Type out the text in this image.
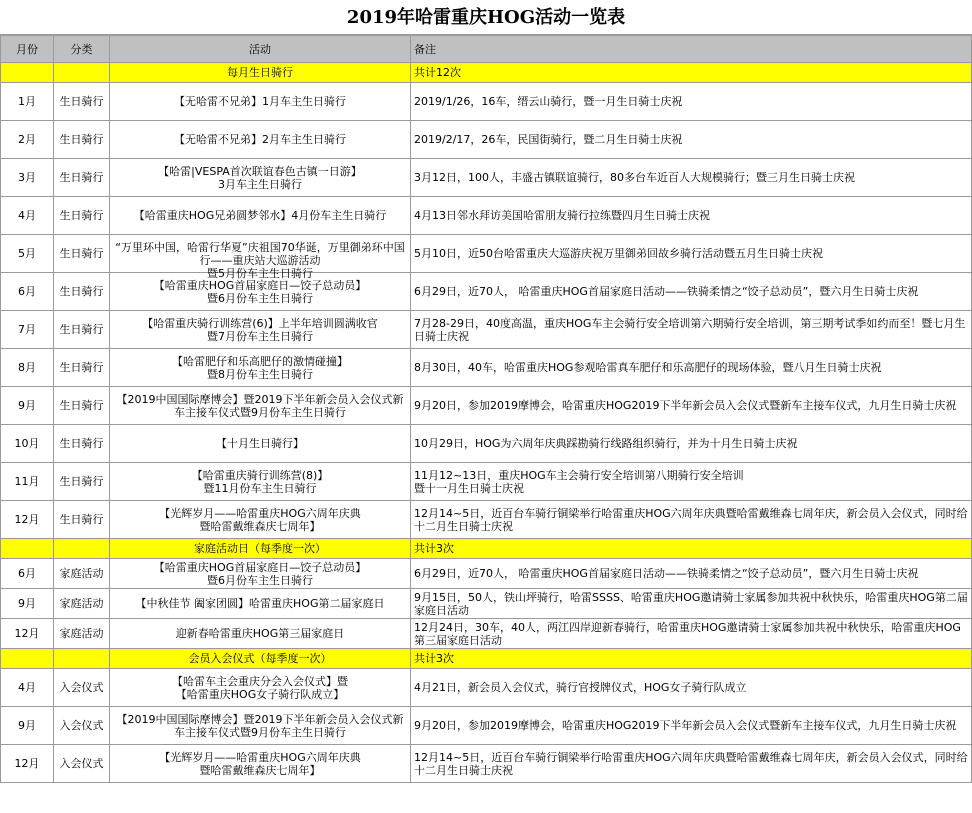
2019年哈雷重庆HOG活动一览表
月份	分类	活动	备注
		每月生日骑行	共计12次

1月	生日骑行	【无哈雷不兄弟】1月车主生日骑行	2019/1/26，16车，缙云山骑行，暨一月生日骑士庆祝

2月	生日骑行	【无哈雷不兄弟】2月车主生日骑行	2019/2/17，26车，民国街骑行，暨二月生日骑士庆祝

3月	生日骑行	【哈雷|VESPA首次联谊春色古镇一日游】
3月车主生日骑行	3月12日，100人，丰盛古镇联谊骑行，80多台车近百人大规模骑行；暨三月生日骑士庆祝

4月	生日骑行	【哈雷重庆HOG兄弟圆梦邻水】4月份车主生日骑行	4月13日邻水拜访美国哈雷朋友骑行拉练暨四月生日骑士庆祝

5月	生日骑行	“万里环中国，哈雷行华夏”庆祖国70华诞，万里御弟环中国行——重庆站大巡游活动
暨5月份车主生日骑行	5月10日，近50台哈雷重庆大巡游庆祝万里御弟回故乡骑行活动暨五月生日骑士庆祝

6月	生日骑行	【哈雷重庆HOG首届家庭日—饺子总动员】
暨6月份车主生日骑行	6月29日，近70人， 哈雷重庆HOG首届家庭日活动——铁骑柔情之“饺子总动员”，暨六月生日骑士庆祝

7月	生日骑行	【哈雷重庆骑行训练营(6)】上半年培训圆满收官
暨7月份车主生日骑行	7月28-29日，40度高温，重庆HOG车主会骑行安全培训第六期骑行安全培训，第三期考试季如约而至！暨七月生日骑士庆祝

8月	生日骑行	【哈雷肥仔和乐高肥仔的激情碰撞】
暨8月份车主生日骑行	8月30日，40车，哈雷重庆HOG参观哈雷真车肥仔和乐高肥仔的现场体验，暨八月生日骑士庆祝

9月	生日骑行	【2019中国国际摩博会】暨2019下半年新会员入会仪式新车主接车仪式暨9月份车主生日骑行	9月20日，参加2019摩博会，哈雷重庆HOG2019下半年新会员入会仪式暨新车主接车仪式，九月生日骑士庆祝

10月	生日骑行	【十月生日骑行】	10月29日，HOG为六周年庆典踩勘骑行线路组织骑行，并为十月生日骑士庆祝

11月	生日骑行	【哈雷重庆骑行训练营(8)】
暨11月份车主生日骑行	11月12~13日，重庆HOG车主会骑行安全培训第八期骑行安全培训
暨十一月生日骑士庆祝

12月	生日骑行	【光辉岁月——哈雷重庆HOG六周年庆典
暨哈雷戴维森庆七周年】	12月14~5日，近百台车骑行铜梁举行哈雷重庆HOG六周年庆典暨哈雷戴维森七周年庆，新会员入会仪式，同时给十二月生日骑士庆祝

		家庭活动日（每季度一次）	共计3次

6月	家庭活动	【哈雷重庆HOG首届家庭日—饺子总动员】
暨6月份车主生日骑行	6月29日，近70人， 哈雷重庆HOG首届家庭日活动——铁骑柔情之“饺子总动员”，暨六月生日骑士庆祝

9月	家庭活动	【中秋佳节 阖家团圆】哈雷重庆HOG第二届家庭日	9月15日，50人，铁山坪骑行，哈雷SSSS、哈雷重庆HOG邀请骑士家属参加共祝中秋快乐，哈雷重庆HOG第二届家庭日活动

12月	家庭活动	迎新春哈雷重庆HOG第三届家庭日	12月24日，30车，40人，两江四岸迎新春骑行，哈雷重庆HOG邀请骑士家属参加共祝中秋快乐，哈雷重庆HOG第三届家庭日活动

		会员入会仪式（每季度一次）	共计3次

4月	入会仪式	【哈雷车主会重庆分会入会仪式】暨
【哈雷重庆HOG女子骑行队成立】	4月21日，新会员入会仪式，骑行官授牌仪式，HOG女子骑行队成立

9月	入会仪式	【2019中国国际摩博会】暨2019下半年新会员入会仪式新车主接车仪式暨9月份车主生日骑行	9月20日，参加2019摩博会，哈雷重庆HOG2019下半年新会员入会仪式暨新车主接车仪式，九月生日骑士庆祝

12月	入会仪式	【光辉岁月——哈雷重庆HOG六周年庆典
暨哈雷戴维森庆七周年】	12月14~5日，近百台车骑行铜梁举行哈雷重庆HOG六周年庆典暨哈雷戴维森七周年庆，新会员入会仪式，同时给十二月生日骑士庆祝
